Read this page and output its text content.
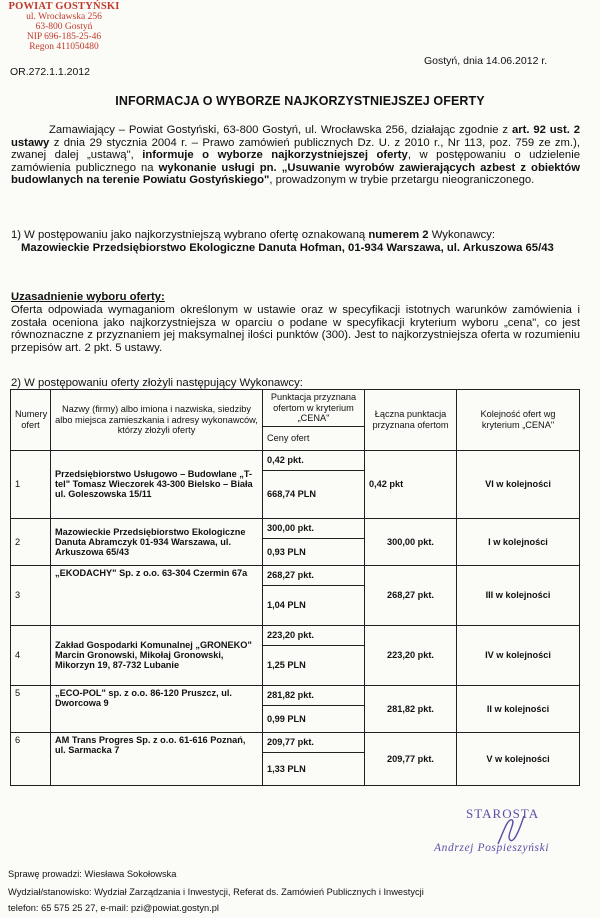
POWIAT GOSTYŃSKI
ul. Wrocławska 256
63-800 Gostyń
NIP 696-185-25-46
Regon 411050480
OR.272.1.1.2012
Gostyń, dnia 14.06.2012 r.
INFORMACJA O WYBORZE NAJKORZYSTNIEJSZEJ OFERTY

Zamawiający – Powiat Gostyński, 63-800 Gostyń, ul. Wrocławska 256, działając zgodnie z art. 92 ust. 2 ustawy z dnia 29 stycznia 2004 r. – Prawo zamówień publicznych Dz. U. z 2010 r., Nr 113, poz. 759 ze zm.), zwanej dalej „ustawą", informuje o wyborze najkorzystniejszej oferty, w postępowaniu o udzielenie zamówienia publicznego na wykonanie usługi pn. „Usuwanie wyrobów zawierających azbest z obiektów budowlanych na terenie Powiatu Gostyńskiego", prowadzonym w trybie przetargu nieograniczonego.

1) W postępowaniu jako najkorzystniejszą wybrano ofertę oznakowaną numerem 2 Wykonawcy:
Mazowieckie Przedsiębiorstwo Ekologiczne Danuta Hofman, 01-934 Warszawa, ul. Arkuszowa 65/43

Uzasadnienie wyboru oferty:

Oferta odpowiada wymaganiom określonym w ustawie oraz w specyfikacji istotnych warunków zamówienia i została oceniona jako najkorzystniejsza w oparciu o podane w specyfikacji kryterium wyboru „cena", co jest równoznaczne z przyznaniem jej maksymalnej ilości punktów (300). Jest to najkorzystniejsza oferta w rozumieniu przepisów art. 2 pkt. 5 ustawy.

2) W postępowaniu oferty złożyli następujący Wykonawcy:

Numery ofert	Nazwy (firmy) albo imiona i nazwiska, siedziby albo miejsca zamieszkania i adresy wykonawców, którzy złożyli oferty	Punktacja przyznana ofertom w kryterium „CENA"	Łączna punktacja przyznana ofertom	Kolejność ofert wg kryterium „CENA"
		Ceny ofert		
1	Przedsiębiorstwo Usługowo – Budowlane „T-tel" Tomasz Wieczorek 43-300 Bielsko – Biała ul. Goleszowska 15/11	0,42 pkt.	0,42 pkt	VI w kolejności
		668,74 PLN		
2	Mazowieckie Przedsiębiorstwo Ekologiczne Danuta Abramczyk 01-934 Warszawa, ul. Arkuszowa 65/43	300,00 pkt.	300,00 pkt.	I w kolejności
		0,93 PLN		
3	„EKODACHY" Sp. z o.o. 63-304 Czermin 67a	268,27 pkt.	268,27 pkt.	III w kolejności
		1,04 PLN		
4	Zakład Gospodarki Komunalnej „GRONEKO" Marcin Gronowski, Mikołaj Gronowski, Mikorzyn 19, 87-732 Lubanie	223,20 pkt.	223,20 pkt.	IV w kolejności
		1,25 PLN		
5	„ECO-POL" sp. z o.o. 86-120 Pruszcz, ul. Dworcowa 9	281,82 pkt.	281,82 pkt.	II w kolejności
		0,99 PLN		
6	AM Trans Progres Sp. z o.o. 61-616 Poznań, ul. Sarmacka 7	209,77 pkt.	209,77 pkt.	V w kolejności
		1,33 PLN		
STAROSTA
Andrzej Pospieszyński

Sprawę prowadzi: Wiesława Sokołowska

Wydział/stanowisko: Wydział Zarządzania i Inwestycji, Referat ds. Zamówień Publicznych i Inwestycji

telefon: 65 575 25 27, e-mail: pzi@powiat.gostyn.pl
